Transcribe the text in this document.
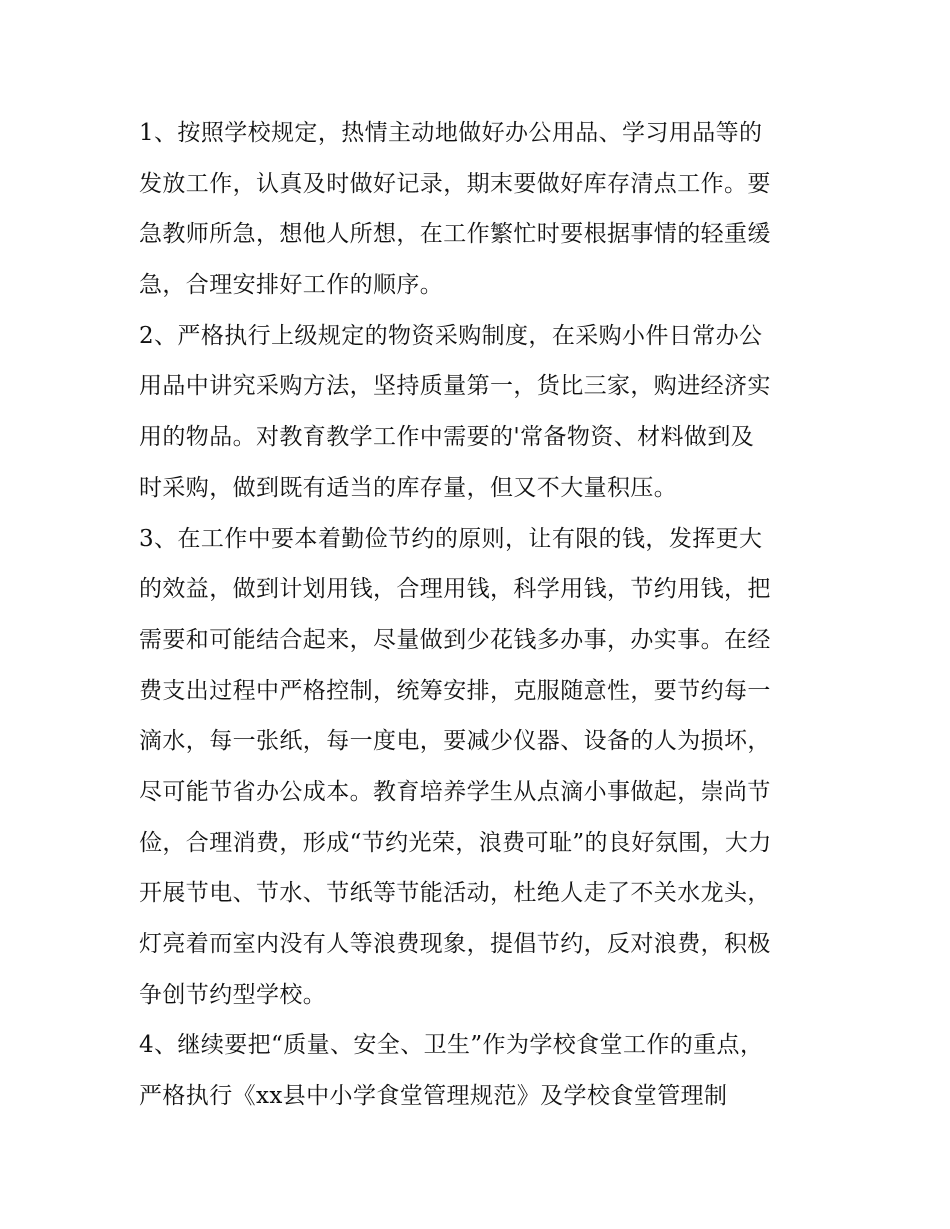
1、按照学校规定，热情主动地做好办公用品、学习用品等的
发放工作，认真及时做好记录，期末要做好库存清点工作。要
急教师所急，想他人所想，在工作繁忙时要根据事情的轻重缓
急，合理安排好工作的顺序。
2、严格执行上级规定的物资采购制度，在采购小件日常办公
用品中讲究采购方法，坚持质量第一，货比三家，购进经济实
用的物品。对教育教学工作中需要的'常备物资、材料做到及
时采购，做到既有适当的库存量，但又不大量积压。
3、在工作中要本着勤俭节约的原则，让有限的钱，发挥更大
的效益，做到计划用钱，合理用钱，科学用钱，节约用钱，把
需要和可能结合起来，尽量做到少花钱多办事，办实事。在经
费支出过程中严格控制，统筹安排，克服随意性，要节约每一
滴水，每一张纸，每一度电，要减少仪器、设备的人为损坏，
尽可能节省办公成本。教育培养学生从点滴小事做起，崇尚节
俭，合理消费，形成“节约光荣，浪费可耻”的良好氛围，大力
开展节电、节水、节纸等节能活动，杜绝人走了不关水龙头，
灯亮着而室内没有人等浪费现象，提倡节约，反对浪费，积极
争创节约型学校。
4、继续要把“质量、安全、卫生”作为学校食堂工作的重点，
严格执行《xx县中小学食堂管理规范》及学校食堂管理制
